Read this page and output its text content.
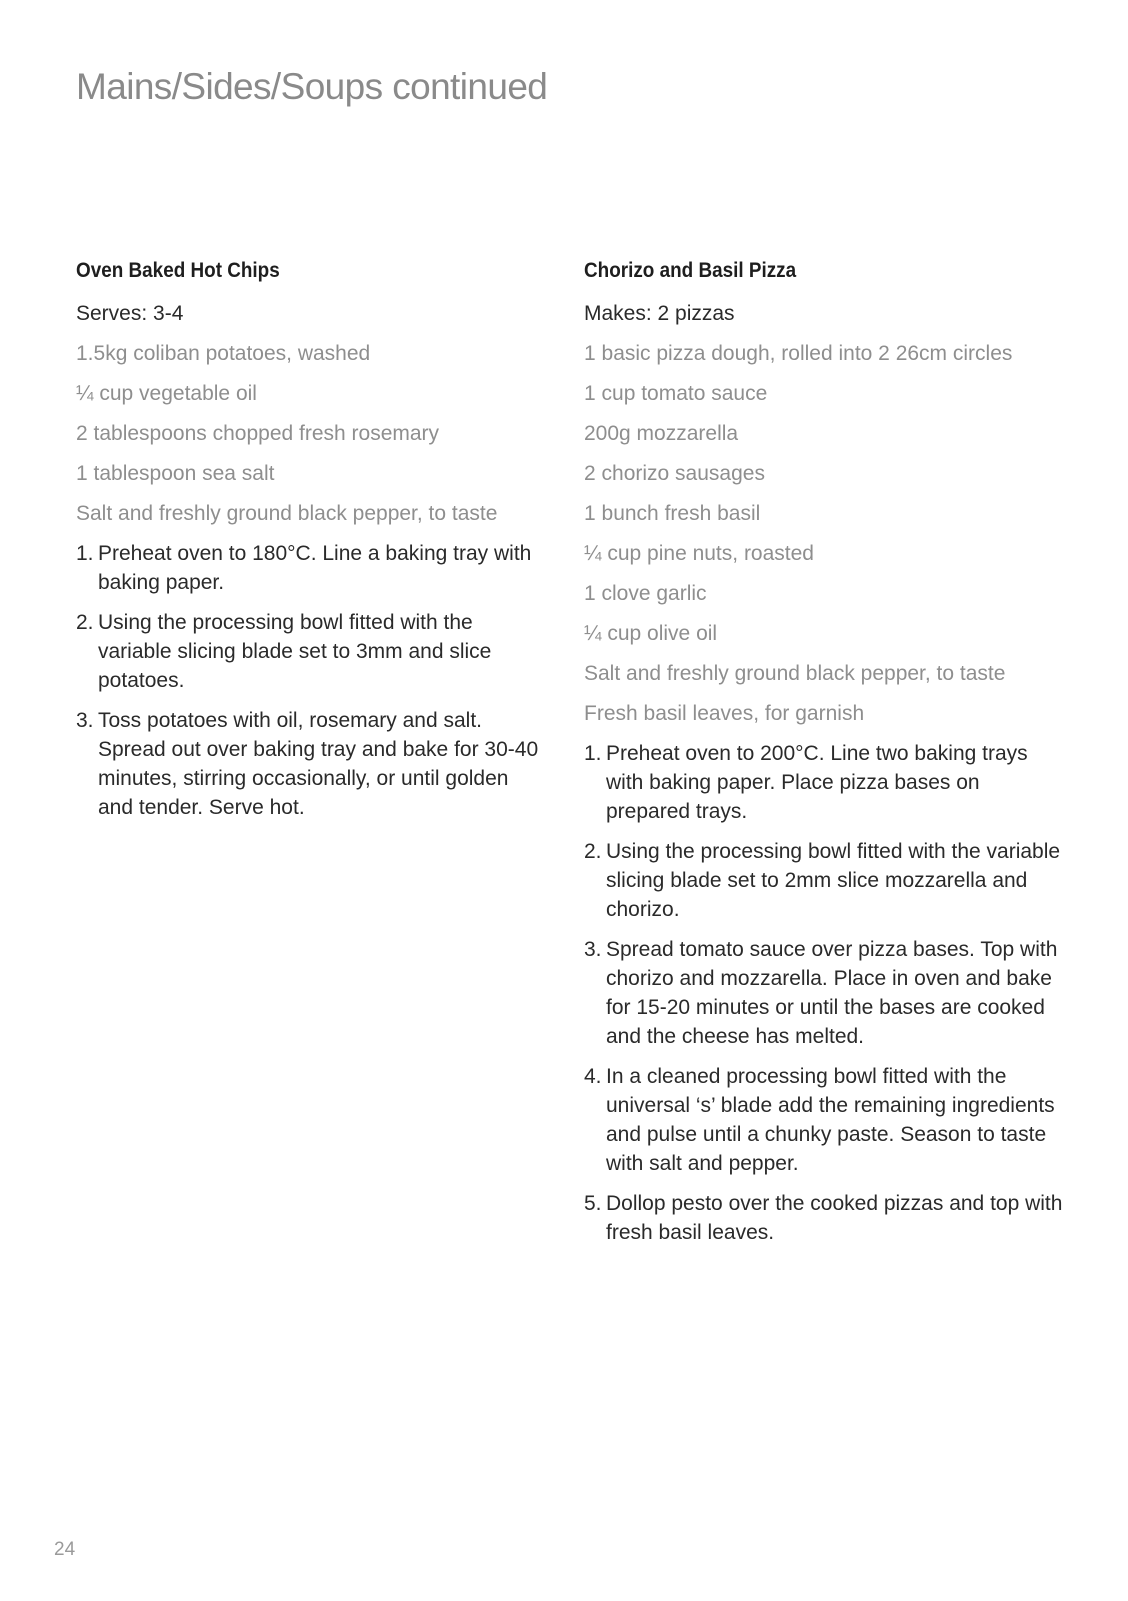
Mains/Sides/Soups continued
Oven Baked Hot Chips

Serves: 3-4

1.5kg coliban potatoes, washed
¼ cup vegetable oil
2 tablespoons chopped fresh rosemary
1 tablespoon sea salt
Salt and freshly ground black pepper, to taste
1. Preheat oven to 180°C. Line a baking tray with baking paper.
2. Using the processing bowl fitted with the variable slicing blade set to 3mm and slice potatoes.
3. Toss potatoes with oil, rosemary and salt. Spread out over baking tray and bake for 30-40 minutes, stirring occasionally, or until golden and tender. Serve hot.
Chorizo and Basil Pizza

Makes: 2 pizzas

1 basic pizza dough, rolled into 2 26cm circles
1 cup tomato sauce
200g mozzarella
2 chorizo sausages
1 bunch fresh basil
¼ cup pine nuts, roasted
1 clove garlic
¼ cup olive oil
Salt and freshly ground black pepper, to taste
Fresh basil leaves, for garnish
1. Preheat oven to 200°C. Line two baking trays with baking paper. Place pizza bases on prepared trays.
2. Using the processing bowl fitted with the variable slicing blade set to 2mm slice mozzarella and chorizo.
3. Spread tomato sauce over pizza bases. Top with chorizo and mozzarella. Place in oven and bake for 15-20 minutes or until the bases are cooked and the cheese has melted.
4. In a cleaned processing bowl fitted with the universal ‘s’ blade add the remaining ingredients and pulse until a chunky paste. Season to taste with salt and pepper.
5. Dollop pesto over the cooked pizzas and top with fresh basil leaves.
24
